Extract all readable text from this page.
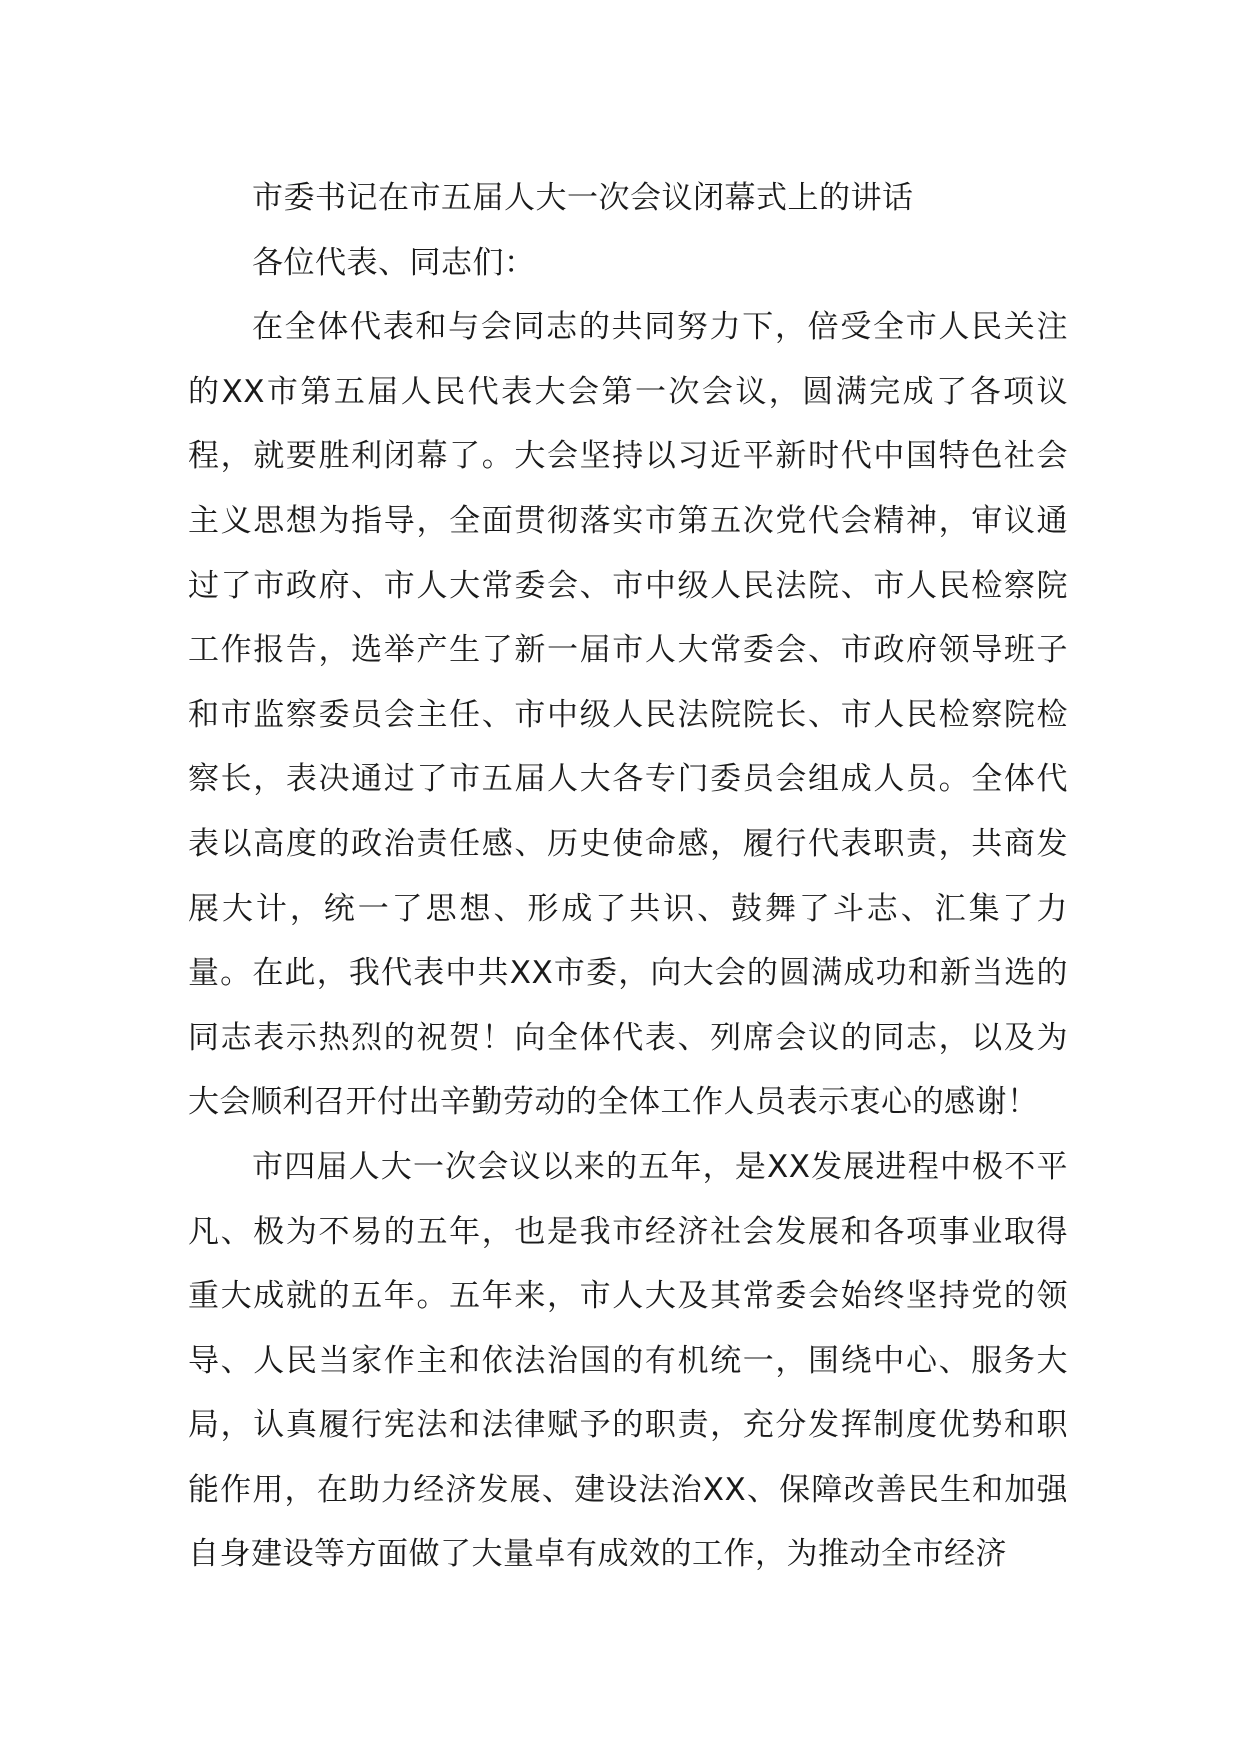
市委书记在市五届人大一次会议闭幕式上的讲话

各位代表、同志们：

在全体代表和与会同志的共同努力下，倍受全市人民关注的XX市第五届人民代表大会第一次会议，圆满完成了各项议程，就要胜利闭幕了。大会坚持以习近平新时代中国特色社会主义思想为指导，全面贯彻落实市第五次党代会精神，审议通过了市政府、市人大常委会、市中级人民法院、市人民检察院工作报告，选举产生了新一届市人大常委会、市政府领导班子和市监察委员会主任、市中级人民法院院长、市人民检察院检察长，表决通过了市五届人大各专门委员会组成人员。全体代表以高度的政治责任感、历史使命感，履行代表职责，共商发展大计，统一了思想、形成了共识、鼓舞了斗志、汇集了力量。在此，我代表中共XX市委，向大会的圆满成功和新当选的同志表示热烈的祝贺！向全体代表、列席会议的同志，以及为大会顺利召开付出辛勤劳动的全体工作人员表示衷心的感谢！

市四届人大一次会议以来的五年，是XX发展进程中极不平凡、极为不易的五年，也是我市经济社会发展和各项事业取得重大成就的五年。五年来，市人大及其常委会始终坚持党的领导、人民当家作主和依法治国的有机统一，围绕中心、服务大局，认真履行宪法和法律赋予的职责，充分发挥制度优势和职能作用，在助力经济发展、建设法治XX、保障改善民生和加强自身建设等方面做了大量卓有成效的工作，为推动全市经济
